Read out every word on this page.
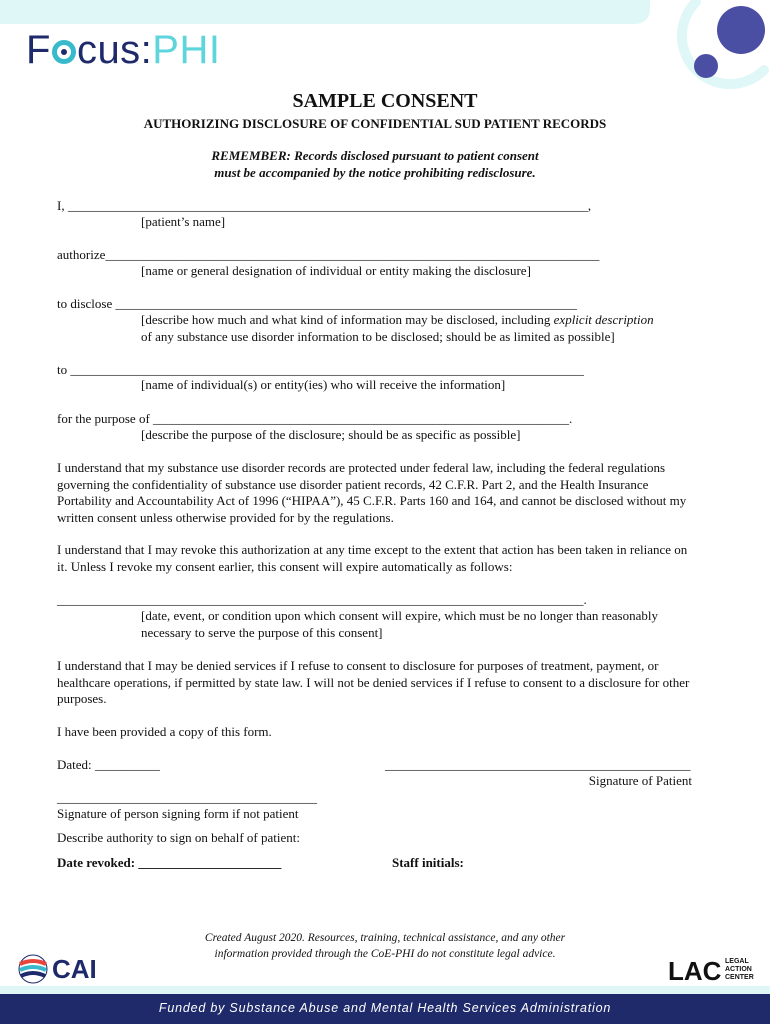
F cus:PHI
SAMPLE CONSENT
AUTHORIZING DISCLOSURE OF CONFIDENTIAL SUD PATIENT RECORDS
REMEMBER: Records disclosed pursuant to patient consent
must be accompanied by the notice prohibiting redisclosure.
I, ________________________________________________________________________________,
[patient’s name]
authorize____________________________________________________________________________
[name or general designation of individual or entity making the disclosure]
to disclose _______________________________________________________________________
[describe how much and what kind of information may be disclosed, including explicit description
of any substance use disorder information to be disclosed; should be as limited as possible]
to _______________________________________________________________________________
[name of individual(s) or entity(ies) who will receive the information]
for the purpose of ________________________________________________________________.
[describe the purpose of the disclosure; should be as specific as possible]
I understand that my substance use disorder records are protected under federal law, including the federal regulations governing the confidentiality of substance use disorder patient records, 42 C.F.R. Part 2, and the Health Insurance Portability and Accountability Act of 1996 (“HIPAA”), 45 C.F.R. Parts 160 and 164, and cannot be disclosed without my written consent unless otherwise provided for by the regulations.
I understand that I may revoke this authorization at any time except to the extent that action has been taken in reliance on it. Unless I revoke my consent earlier, this consent will expire automatically as follows:
_________________________________________________________________________________.
[date, event, or condition upon which consent will expire, which must be no longer than reasonably necessary to serve the purpose of this consent]
I understand that I may be denied services if I refuse to consent to disclosure for purposes of treatment, payment, or healthcare operations, if permitted by state law. I will not be denied services if I refuse to consent to a disclosure for other purposes.
I have been provided a copy of this form.
Dated: __________	_______________________________________________
Signature of Patient
________________________________________
Signature of person signing form if not patient
Describe authority to sign on behalf of patient:
Date revoked: ______________________	Staff initials:
Created August 2020. Resources, training, technical assistance, and any other
information provided through the CoE-PHI do not constitute legal advice.
CAI	LAC LEGAL
ACTION
CENTER
Funded by Substance Abuse and Mental Health Services Administration
